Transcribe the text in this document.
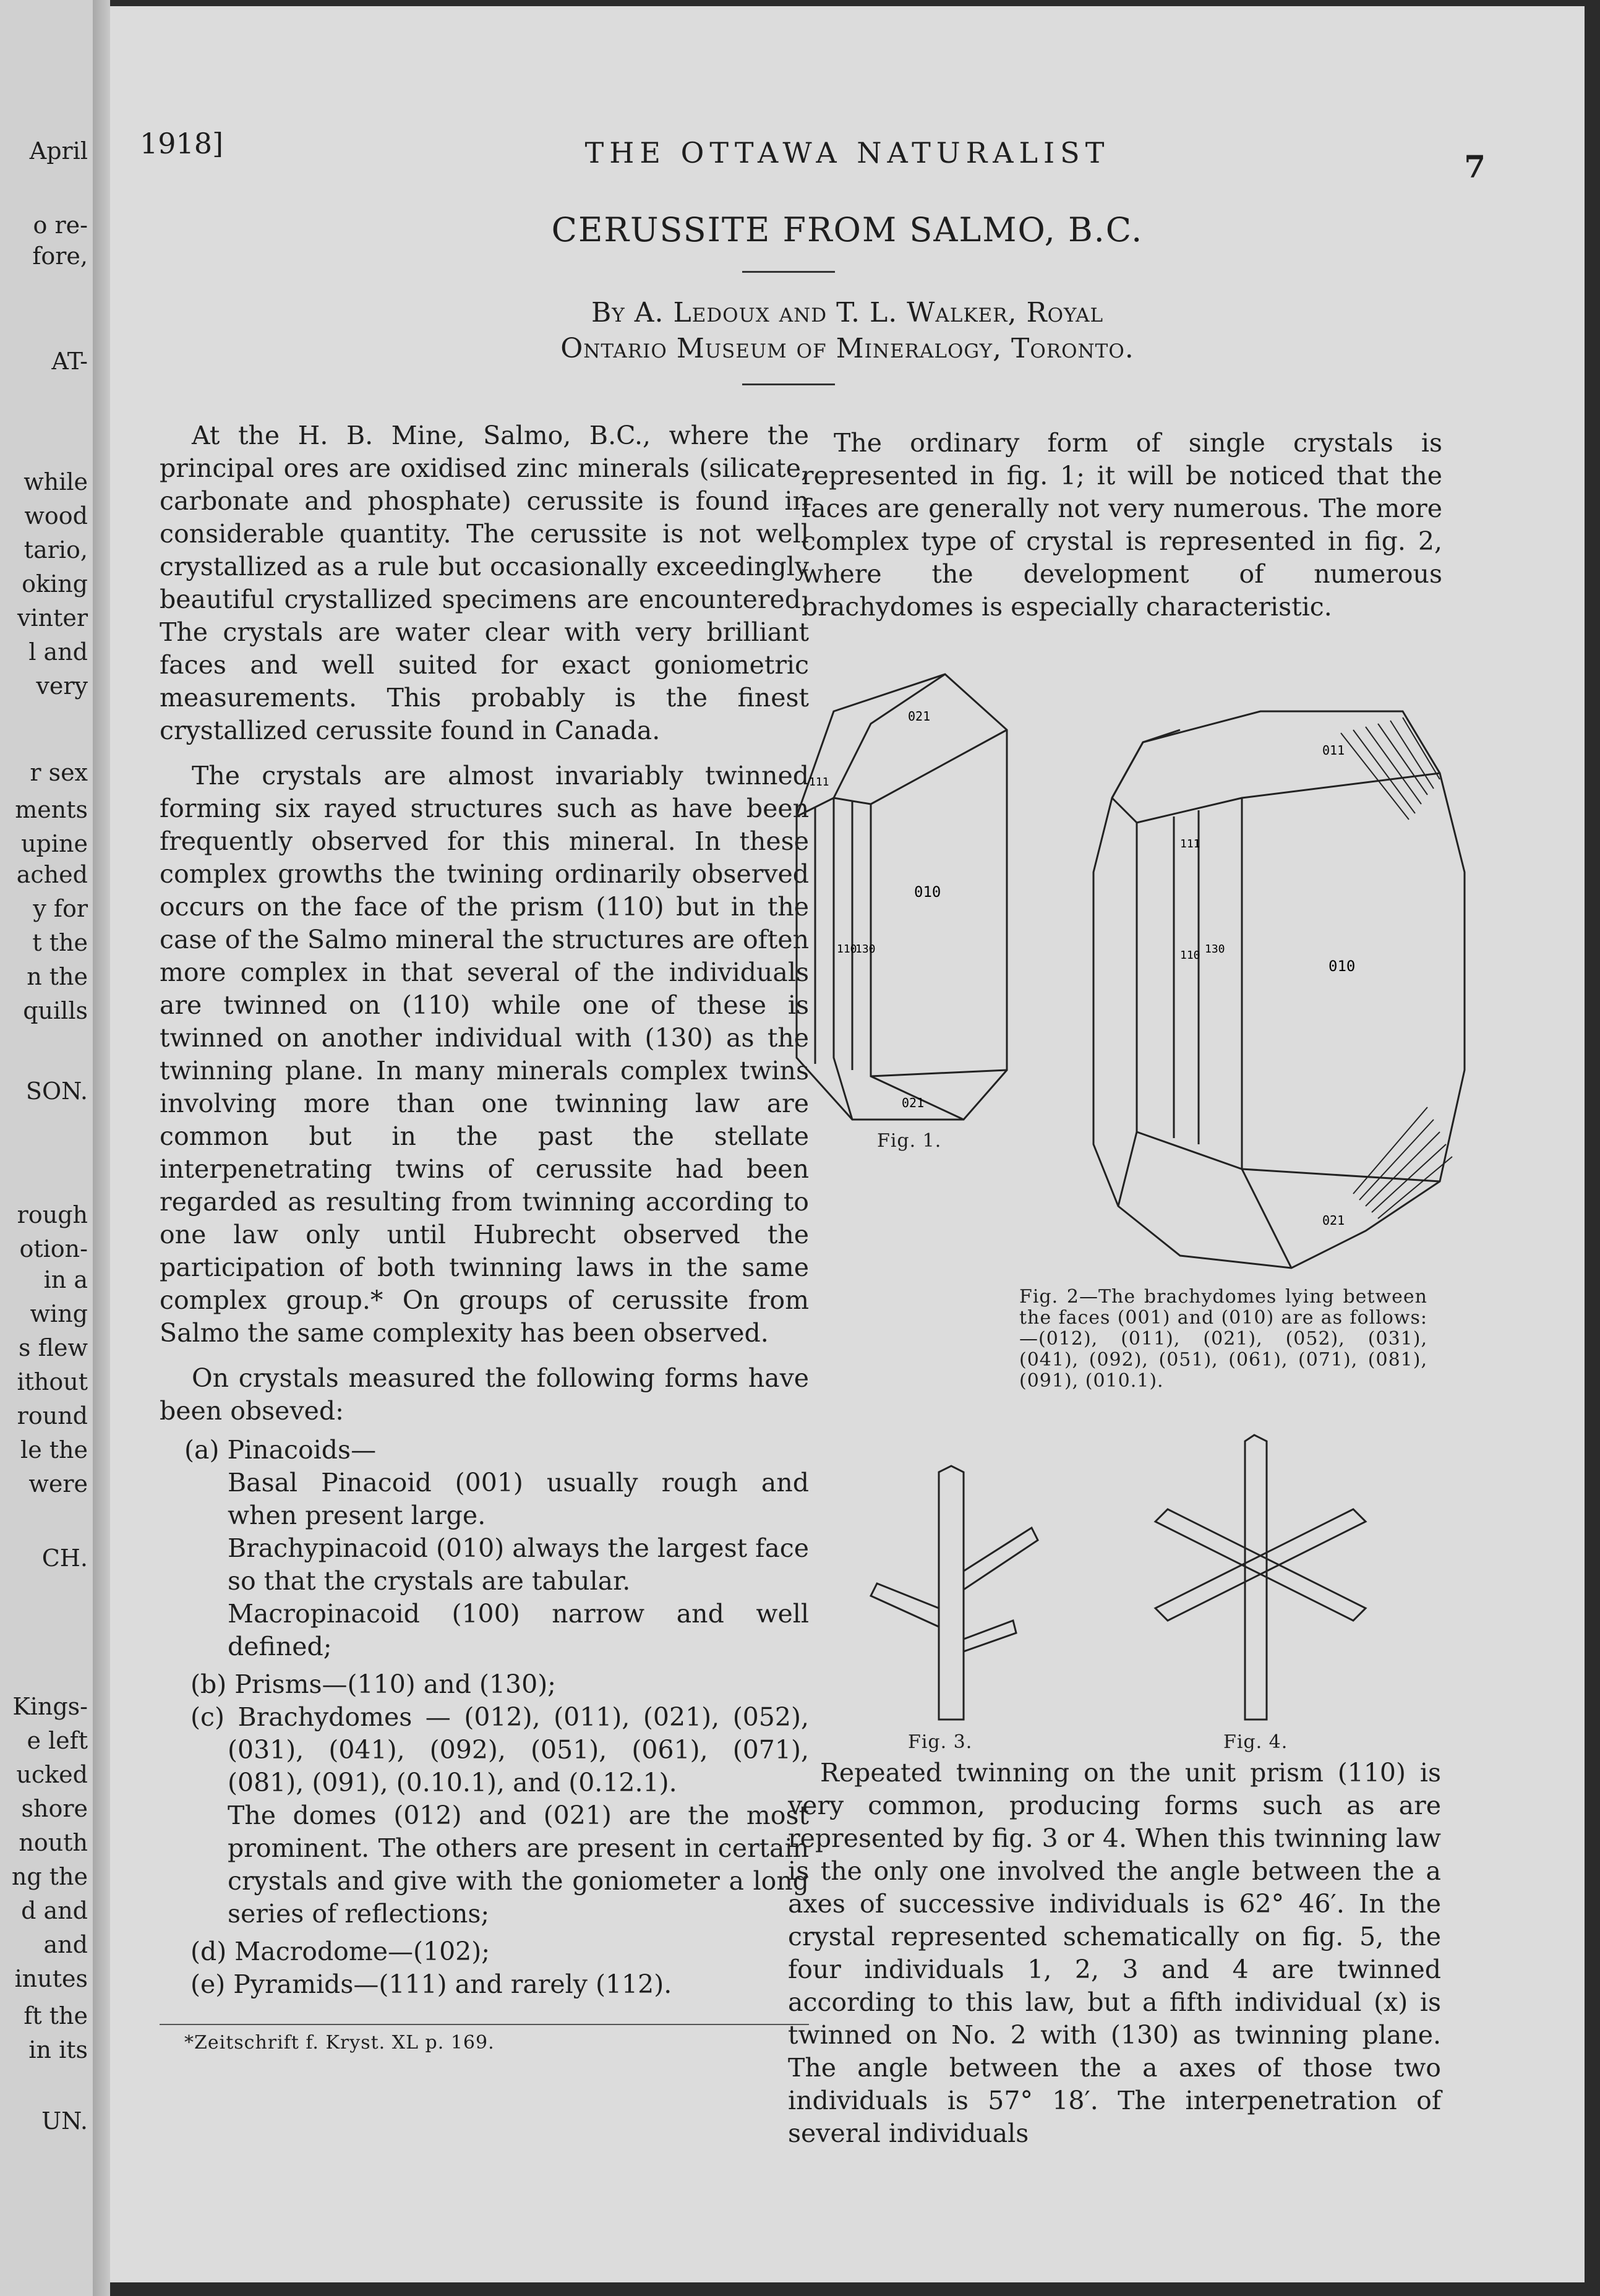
April
o re-
fore,
AT-
while
wood
tario,
oking
vinter
l and
very
r sex
ments
upine
ached
y for
t the
n the
quills
SON.
rough
otion-
in a
wing
s flew
ithout
round
le the
were
CH.
Kings-
e left
ucked
shore
nouth
ng the
d and
and
inutes
ft the
in its
UN.
1918]	THE OTTAWA NATURALIST	7
CERUSSITE FROM SALMO, B.C.
By A. Ledoux and T. L. Walker, Royal
Ontario Museum of Mineralogy, Toronto.

At the H. B. Mine, Salmo, B.C., where the principal ores are oxidised zinc minerals (silicate, carbonate and phosphate) cerussite is found in considerable quantity. The cerussite is not well crystallized as a rule but occasionally exceedingly beautiful crystallized specimens are encountered. The crystals are water clear with very brilliant faces and well suited for exact goniometric measurements. This probably is the finest crystallized cerussite found in Canada.

The crystals are almost invariably twinned forming six rayed structures such as have been frequently observed for this mineral. In these complex growths the twining ordinarily observed occurs on the face of the prism (110) but in the case of the Salmo mineral the structures are often more complex in that several of the individuals are twinned on (110) while one of these is twinned on another individual with (130) as the twinning plane. In many minerals complex twins involving more than one twinning law are common but in the past the stellate interpenetrating twins of cerussite had been regarded as resulting from twinning according to one law only until Hubrecht observed the participation of both twinning laws in the same complex group.* On groups of cerussite from Salmo the same complexity has been observed.

On crystals measured the following forms have been obseved:

(a) Pinacoids—

Basal Pinacoid (001) usually rough and when present large.

Brachypinacoid (010) always the largest face so that the crystals are tabular.

Macropinacoid (100) narrow and well defined;

(b) Prisms—(110) and (130);

(c) Brachydomes — (012), (011), (021), (052), (031), (041), (092), (051), (061), (071), (081), (091), (0.10.1), and (0.12.1).

The domes (012) and (021) are the most prominent. The others are present in certain crystals and give with the goniometer a long series of reflections;

(d) Macrodome—(102);

(e) Pyramids—(111) and rarely (112).

*Zeitschrift f. Kryst. XL p. 169.

The ordinary form of single crystals is represented in fig. 1; it will be noticed that the faces are generally not very numerous. The more complex type of crystal is represented in fig. 2, where the development of numerous brachydomes is especially characteristic.

021
010
111
110
130
021
Fig. 1.
011
010
110 130
111
021
Fig. 2—The brachydomes lying between the faces (001) and (010) are as follows:—(012), (011), (021), (052), (031), (041), (092), (051), (061), (071), (081), (091), (010.1).
Fig. 3.	Fig. 4.

Repeated twinning on the unit prism (110) is very common, producing forms such as are represented by fig. 3 or 4. When this twinning law is the only one involved the angle between the a axes of successive individuals is 62° 46′. In the crystal represented schematically on fig. 5, the four individuals 1, 2, 3 and 4 are twinned according to this law, but a fifth individual (x) is twinned on No. 2 with (130) as twinning plane. The angle between the a axes of those two individuals is 57° 18′. The interpenetration of several individuals
